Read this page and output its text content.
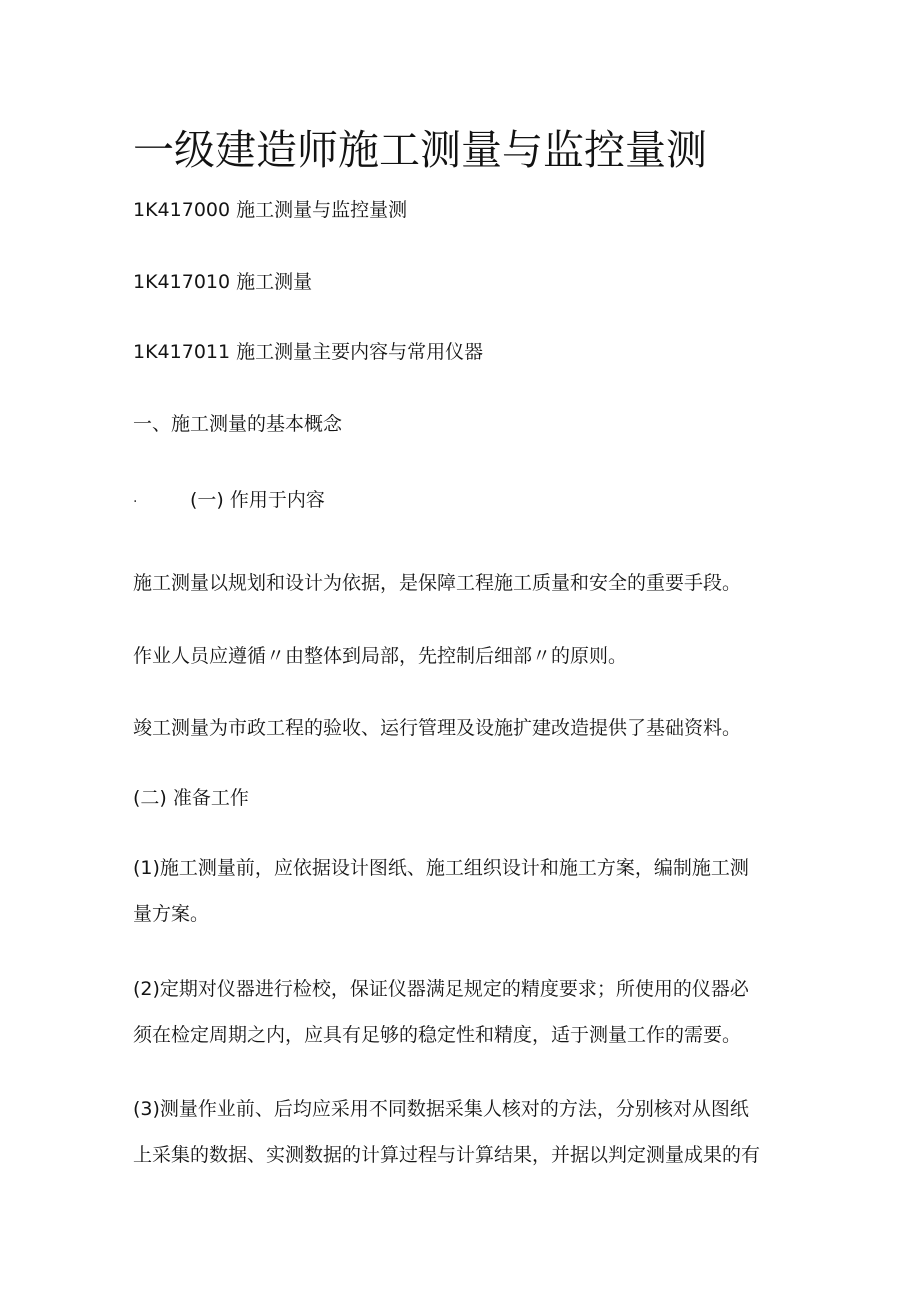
一级建造师施工测量与监控量测
1K417000 施工测量与监控量测
1K417010 施工测量
1K417011 施工测量主要内容与常用仪器
一、施工测量的基本概念
·	(一) 作用于内容
施工测量以规划和设计为依据，是保障工程施工质量和安全的重要手段。
作业人员应遵循〃由整体到局部，先控制后细部〃的原则。
竣工测量为市政工程的验收、运行管理及设施扩建改造提供了基础资料。
(二) 准备工作
(1)施工测量前，应依据设计图纸、施工组织设计和施工方案，编制施工测
量方案。
(2)定期对仪器进行检校，保证仪器满足规定的精度要求；所使用的仪器必
须在检定周期之内，应具有足够的稳定性和精度，适于测量工作的需要。
(3)测量作业前、后均应采用不同数据采集人核对的方法，分别核对从图纸
上采集的数据、实测数据的计算过程与计算结果，并据以判定测量成果的有
